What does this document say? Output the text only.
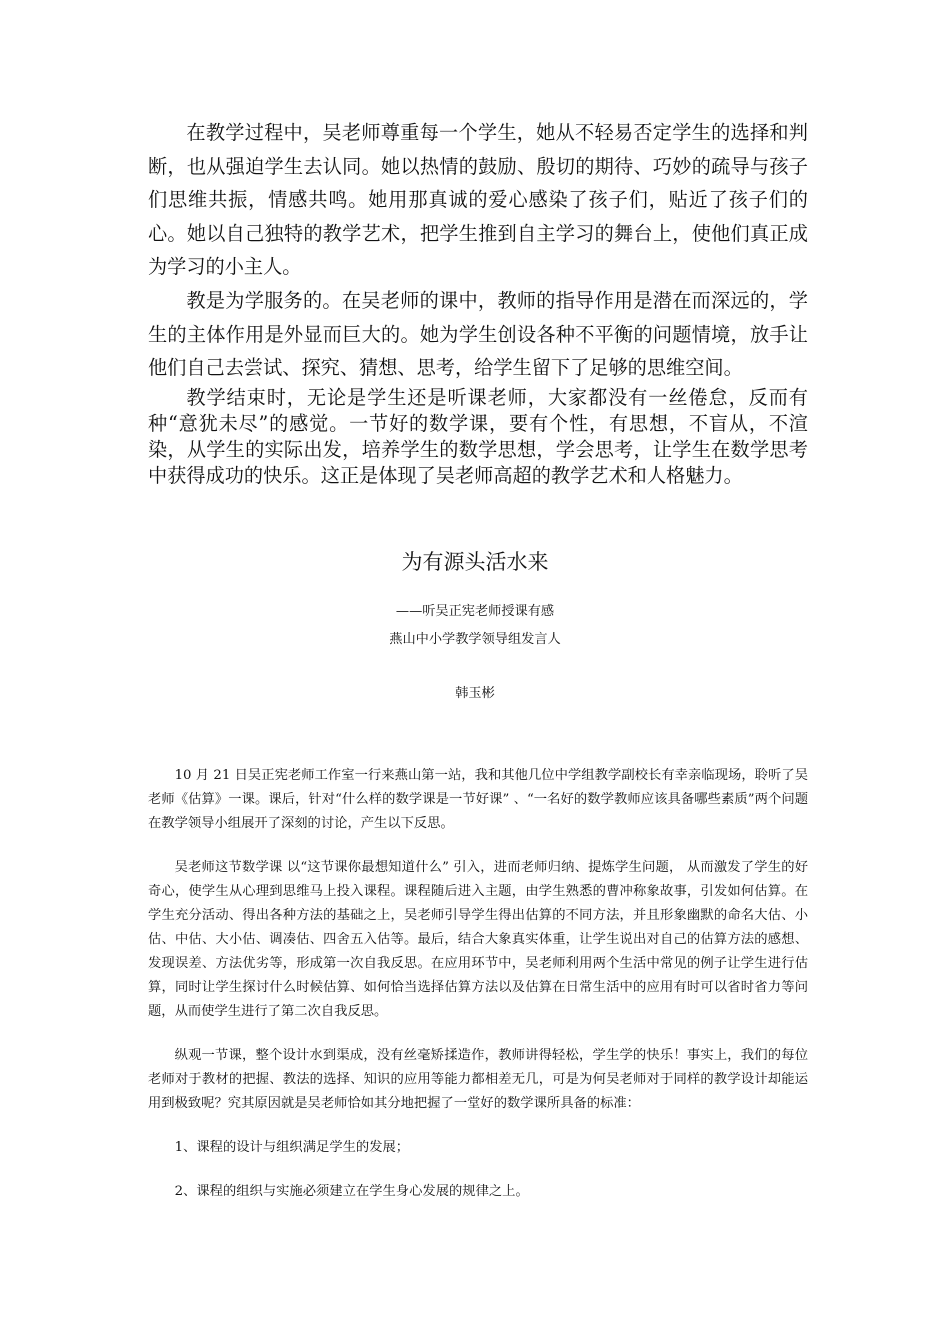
在教学过程中，吴老师尊重每一个学生，她从不轻易否定学生的选择和判断，也从强迫学生去认同。她以热情的鼓励、殷切的期待、巧妙的疏导与孩子们思维共振，情感共鸣。她用那真诚的爱心感染了孩子们，贴近了孩子们的心。她以自己独特的教学艺术，把学生推到自主学习的舞台上，使他们真正成为学习的小主人。

教是为学服务的。在吴老师的课中，教师的指导作用是潜在而深远的，学生的主体作用是外显而巨大的。她为学生创设各种不平衡的问题情境，放手让他们自己去尝试、探究、猜想、思考，给学生留下了足够的思维空间。

教学结束时，无论是学生还是听课老师，大家都没有一丝倦怠，反而有种“意犹未尽”的感觉。一节好的数学课，要有个性，有思想，不盲从，不渲染，从学生的实际出发，培养学生的数学思想，学会思考，让学生在数学思考中获得成功的快乐。这正是体现了吴老师高超的教学艺术和人格魅力。

为有源头活水来

——听吴正宪老师授课有感

燕山中小学教学领导组发言人

韩玉彬

10 月 21 日吴正宪老师工作室一行来燕山第一站，我和其他几位中学组教学副校长有幸亲临现场，聆听了吴老师《估算》一课。课后，针对“什么样的数学课是一节好课” 、“一名好的数学教师应该具备哪些素质”两个问题在教学领导小组展开了深刻的讨论，产生以下反思。

吴老师这节数学课 以“这节课你最想知道什么” 引入，进而老师归纳、提炼学生问题， 从而激发了学生的好奇心，使学生从心理到思维马上投入课程。课程随后进入主题，由学生熟悉的曹冲称象故事，引发如何估算。在学生充分活动、得出各种方法的基础之上，吴老师引导学生得出估算的不同方法，并且形象幽默的命名大估、小估、中估、大小估、调凑估、四舍五入估等。最后，结合大象真实体重，让学生说出对自己的估算方法的感想、发现误差、方法优劣等，形成第一次自我反思。在应用环节中，吴老师利用两个生活中常见的例子让学生进行估算，同时让学生探讨什么时候估算、如何恰当选择估算方法以及估算在日常生活中的应用有时可以省时省力等问题，从而使学生进行了第二次自我反思。

纵观一节课，整个设计水到渠成，没有丝毫矫揉造作，教师讲得轻松，学生学的快乐！事实上，我们的每位老师对于教材的把握、教法的选择、知识的应用等能力都相差无几，可是为何吴老师对于同样的教学设计却能运用到极致呢？究其原因就是吴老师恰如其分地把握了一堂好的数学课所具备的标准：

1、课程的设计与组织满足学生的发展；

2、课程的组织与实施必须建立在学生身心发展的规律之上。
